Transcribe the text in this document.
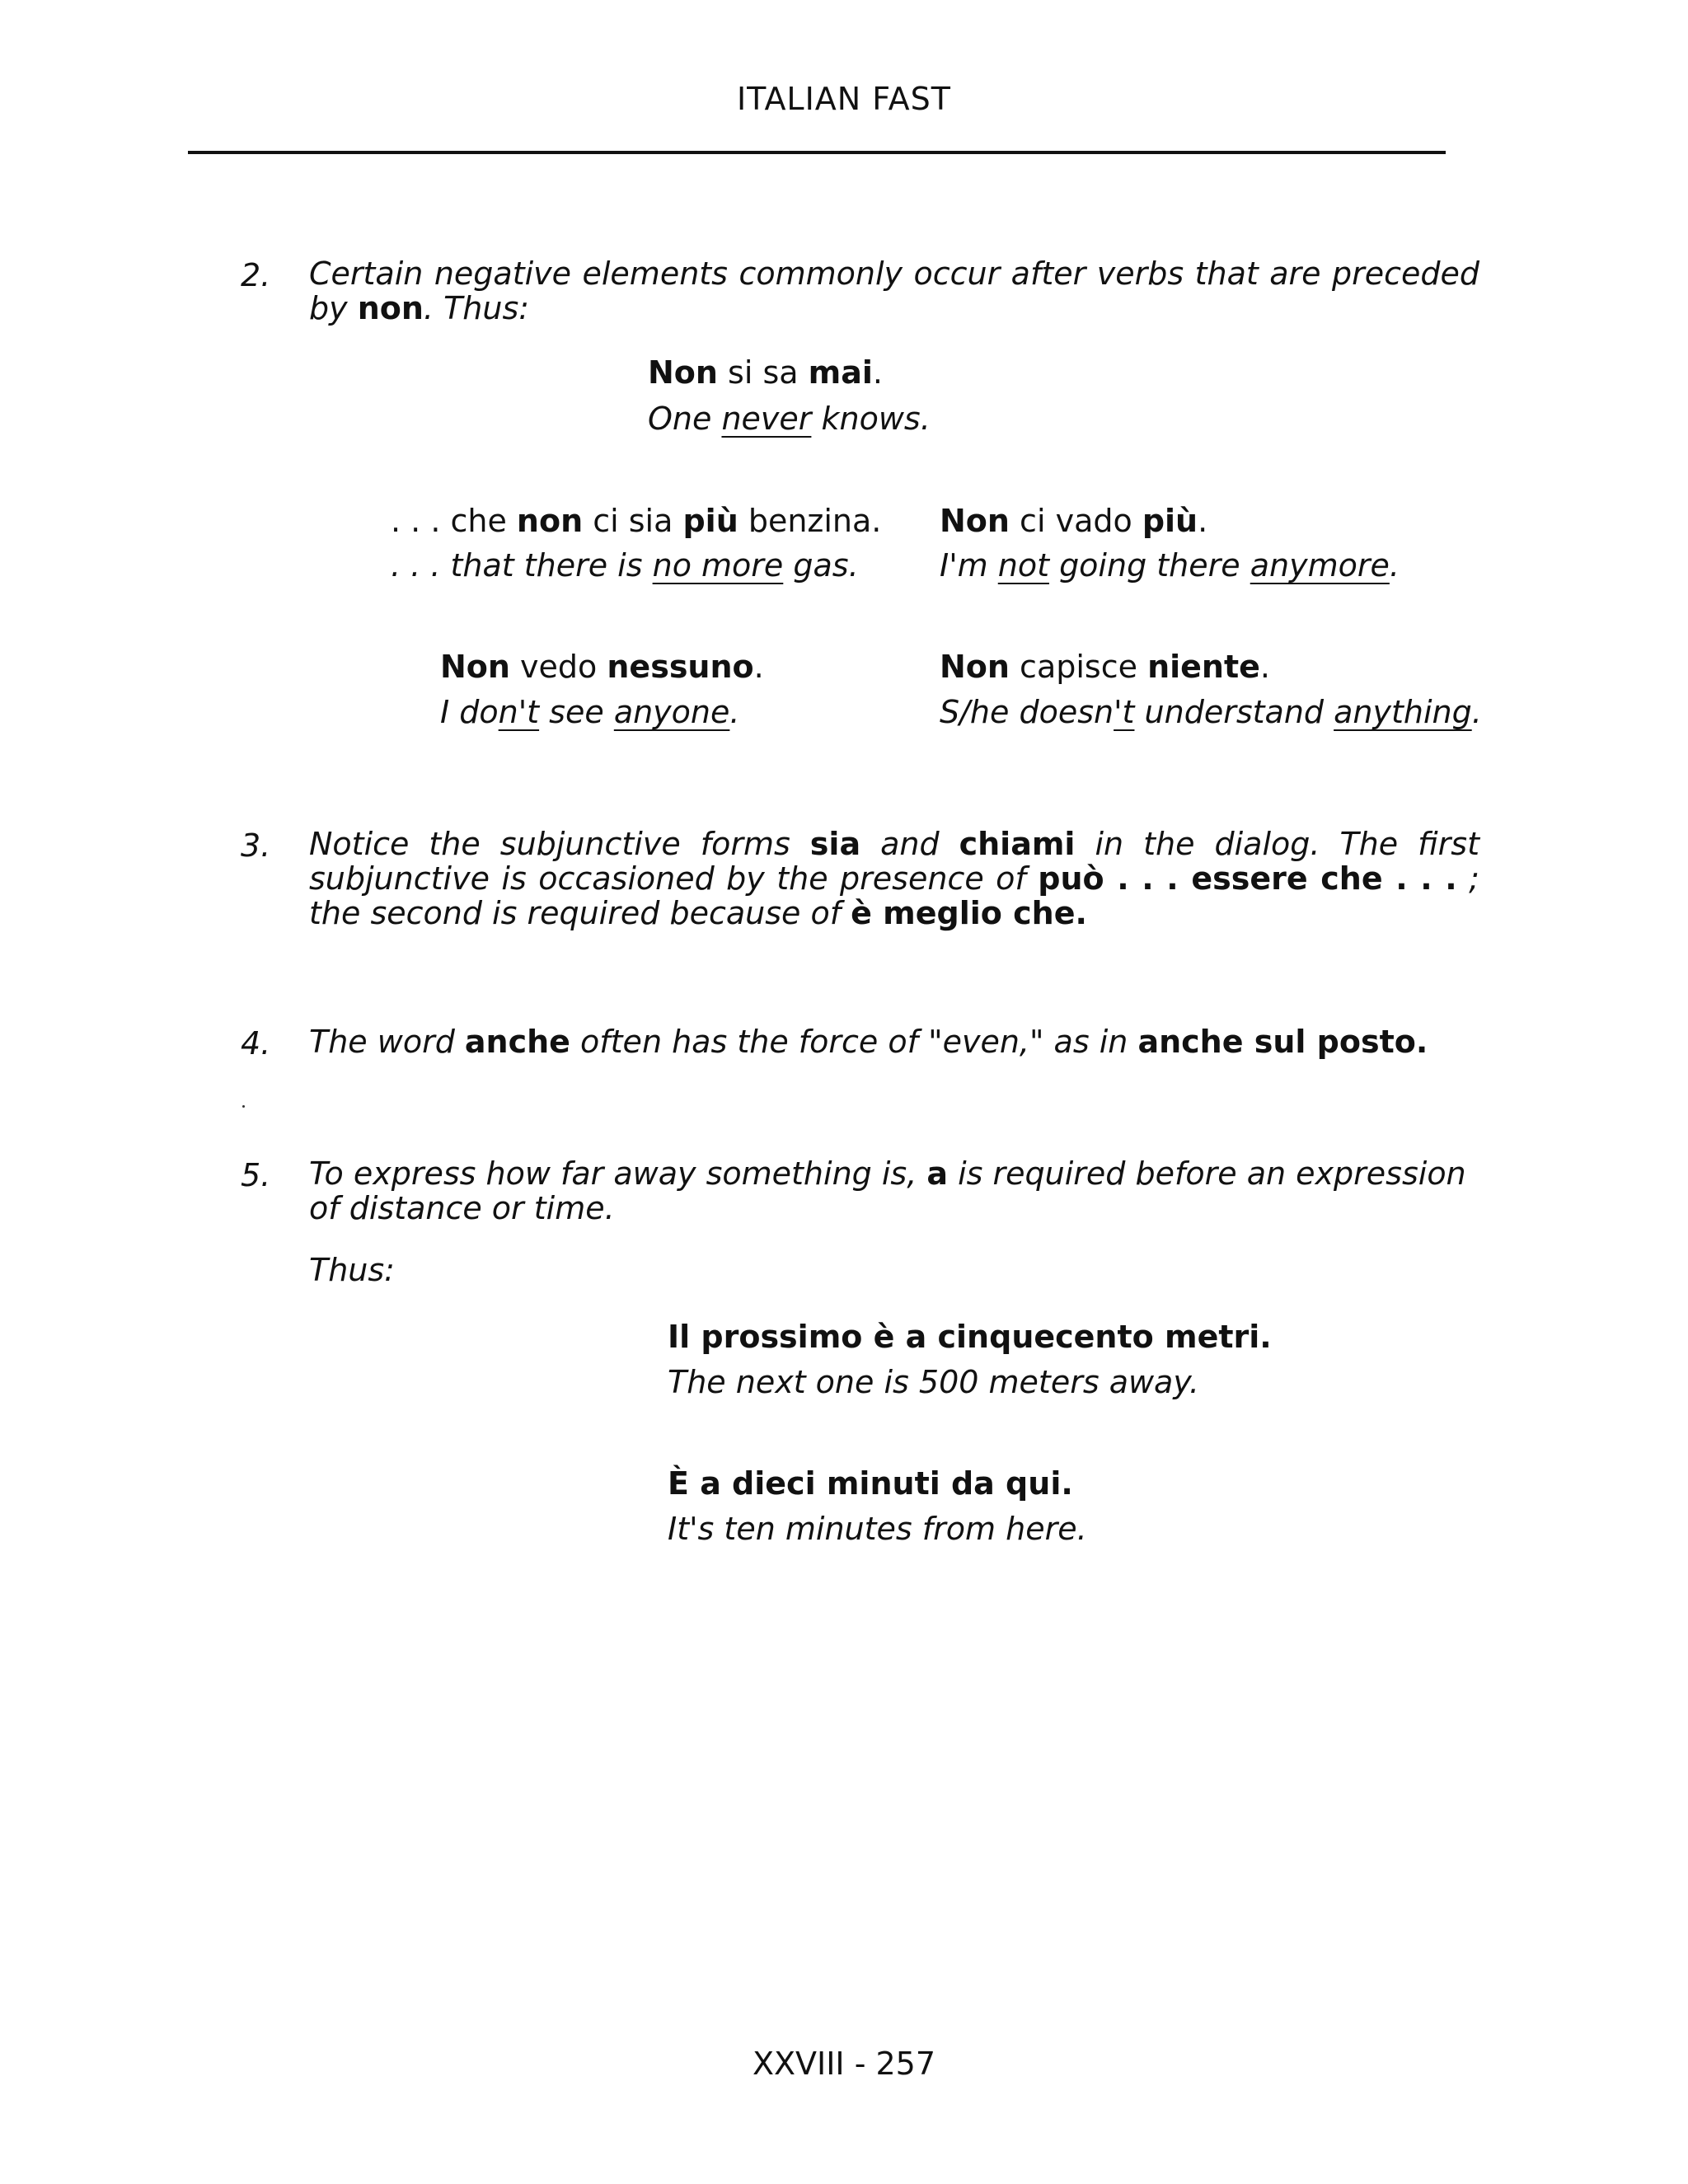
ITALIAN FAST
2. Certain negative elements commonly occur after verbs that are preceded by non. Thus:
Non si sa mai.
One never knows.
. . . che non ci sia più benzina.
. . . that there is no more gas.
Non ci vado più.
I'm not going there anymore.
Non vedo nessuno.
I don't see anyone.
Non capisce niente.
S/he doesn't understand anything.
3. Notice the subjunctive forms sia and chiami in the dialog. The first subjunctive is occasioned by the presence of può . . . essere che . . . ; the second is required because of è meglio che.
4. The word anche often has the force of "even," as in anche sul posto.
5. To express how far away something is, a is required before an expression of distance or time.
Thus:
Il prossimo è a cinquecento metri.
The next one is 500 meters away.
È a dieci minuti da qui.
It's ten minutes from here.
XXVIII - 257
